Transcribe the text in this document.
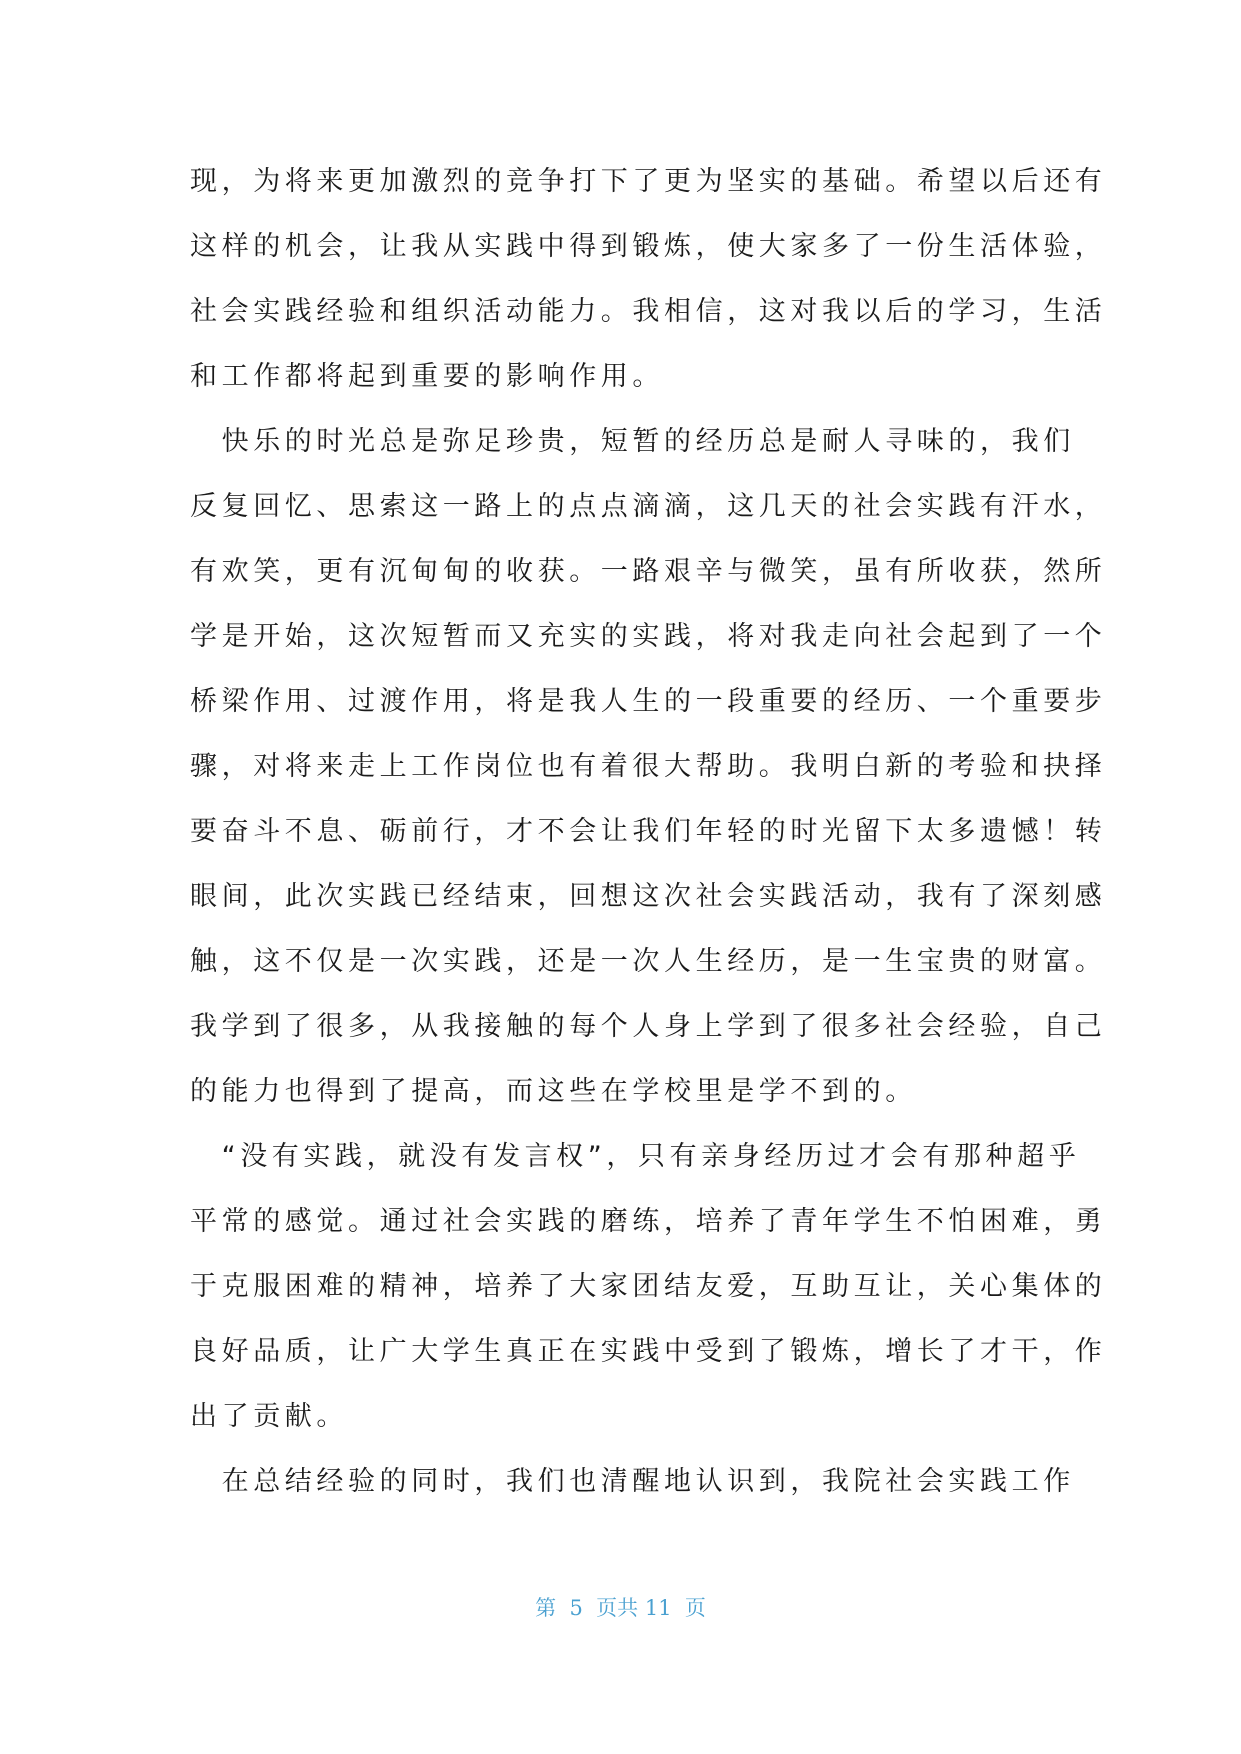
现，为将来更加激烈的竞争打下了更为坚实的基础。希望以后还有
这样的机会，让我从实践中得到锻炼，使大家多了一份生活体验，
社会实践经验和组织活动能力。我相信，这对我以后的学习，生活
和工作都将起到重要的影响作用。
　快乐的时光总是弥足珍贵，短暂的经历总是耐人寻味的，我们
反复回忆、思索这一路上的点点滴滴，这几天的社会实践有汗水，
有欢笑，更有沉甸甸的收获。一路艰辛与微笑，虽有所收获，然所
学是开始，这次短暂而又充实的实践，将对我走向社会起到了一个
桥梁作用、过渡作用，将是我人生的一段重要的经历、一个重要步
骤，对将来走上工作岗位也有着很大帮助。我明白新的考验和抉择
要奋斗不息、砺前行，才不会让我们年轻的时光留下太多遗憾！转
眼间，此次实践已经结束，回想这次社会实践活动，我有了深刻感
触，这不仅是一次实践，还是一次人生经历，是一生宝贵的财富。
我学到了很多，从我接触的每个人身上学到了很多社会经验，自己
的能力也得到了提高，而这些在学校里是学不到的。
　“没有实践，就没有发言权”，只有亲身经历过才会有那种超乎
平常的感觉。通过社会实践的磨练，培养了青年学生不怕困难，勇
于克服困难的精神，培养了大家团结友爱，互助互让，关心集体的
良好品质，让广大学生真正在实践中受到了锻炼，增长了才干，作
出了贡献。
　在总结经验的同时，我们也清醒地认识到，我院社会实践工作
第  5  页共 11  页
